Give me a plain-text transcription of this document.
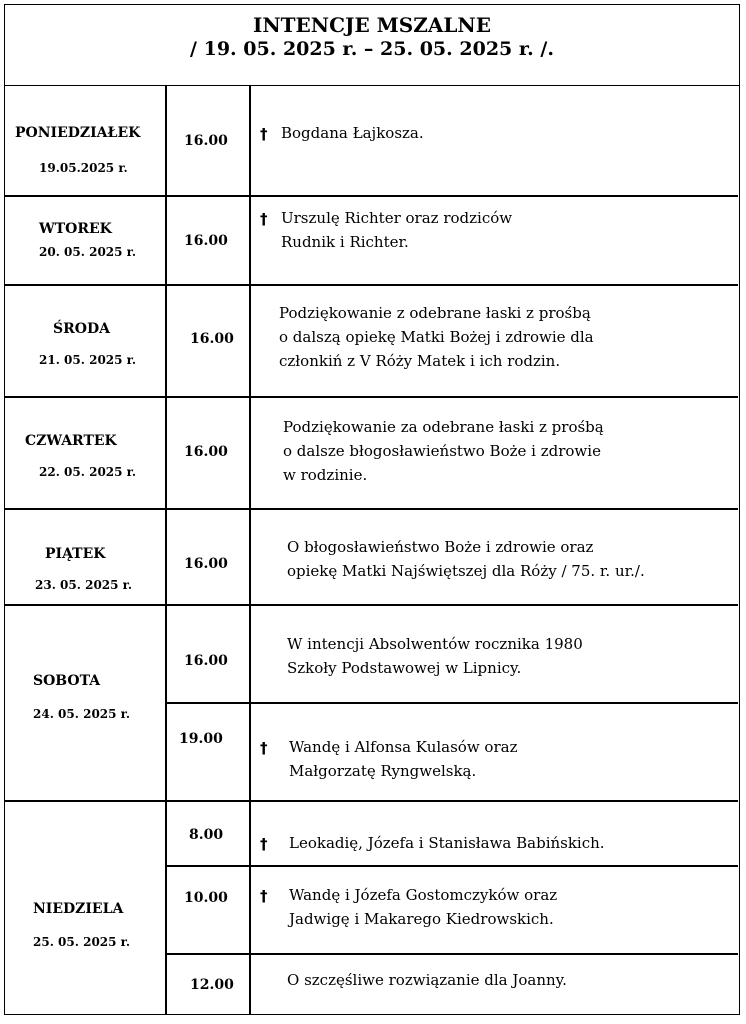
INTENCJE MSZALNE
/ 19. 05. 2025 r. – 25. 05. 2025 r. /.
PONIEDZIAŁEK
19.05.2025 r.
16.00 † Bogdana Łajkosza.
WTOREK
20. 05. 2025 r.
16.00
† Urszulę Richter oraz rodziców
Rudnik i Richter.
ŚRODA
21. 05. 2025 r.
16.00
Podziękowanie z odebrane łaski z prośbą
o dalszą opiekę Matki Bożej i zdrowie dla
członkiń z V Róży Matek i ich rodzin.
CZWARTEK
22. 05. 2025 r.
16.00
Podziękowanie za odebrane łaski z prośbą
o dalsze błogosławieństwo Boże i zdrowie
w rodzinie.
PIĄTEK
23. 05. 2025 r.
16.00
O błogosławieństwo Boże i zdrowie oraz
opiekę Matki Najświętszej dla Róży / 75. r. ur./.
SOBOTA
24. 05. 2025 r.
16.00
W intencji Absolwentów rocznika 1980
Szkoły Podstawowej w Lipnicy.
19.00 † Wandę i Alfonsa Kulasów oraz
Małgorzatę Ryngwelską.
NIEDZIELA
25. 05. 2025 r.
8.00 † Leokadię, Józefa i Stanisława Babińskich.
10.00 † Wandę i Józefa Gostomczyków oraz
Jadwigę i Makarego Kiedrowskich.
12.00	O szczęśliwe rozwiązanie dla Joanny.
